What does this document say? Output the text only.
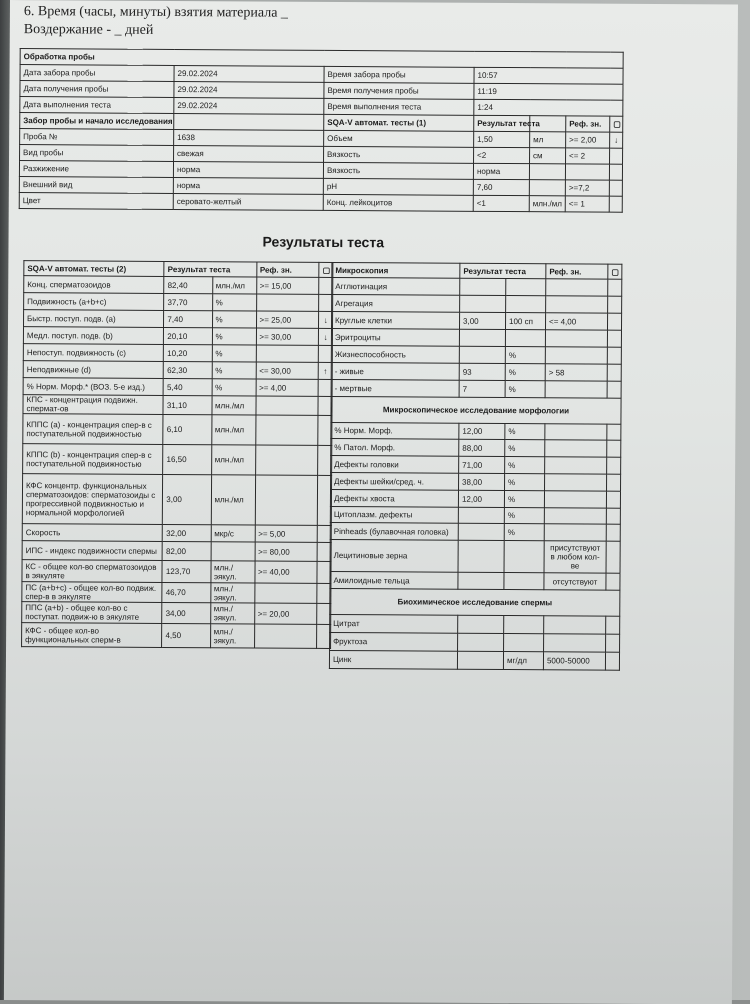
6. Время (часы, минуты) взятия материала _
Воздержание - _ дней
Обработка пробы						
Дата забора пробы	29.02.2024	Время забора пробы	10:57			
Дата получения пробы	29.02.2024	Время получения пробы	11:19			
Дата выполнения теста	29.02.2024	Время выполнения теста	1:24			
Забор пробы и начало исследования		SQA-V автомат. тесты (1)	Результат теста		Реф. зн.	▢
Проба №	1638	Объем	1,50	мл	>= 2,00	↓
Вид пробы	свежая	Вязкость	<2	см	<= 2	
Разжижение	норма	Вязкость	норма			
Внешний вид	норма	pH	7,60		>=7,2	
Цвет	серовато-желтый	Конц. лейкоцитов	<1	млн./мл	<= 1	
Результаты теста
SQA-V автомат. тесты (2)	Результат теста		Реф. зн.	▢
Конц. сперматозоидов	82,40	млн./мл	>= 15,00	
Подвижность (a+b+c)	37,70	%		
Быстр. поступ. подв. (a)	7,40	%	>= 25,00	↓
Медл. поступ. подв. (b)	20,10	%	>= 30,00	↓
Непоступ. подвижность (c)	10,20	%		
Неподвижные (d)	62,30	%	<= 30,00	↑
% Норм. Морф.* (ВОЗ. 5-е изд.)	5,40	%	>= 4,00	
КПС - концентрация подвижн. спермат-ов	31,10	млн./мл		
КППС (a) - концентрация спер-в с поступательной подвижностью	6,10	млн./мл		
КППС (b) - концентрация спер-в с поступательной подвижностью	16,50	млн./мл		
КФС концентр. функциональных сперматозоидов: сперматозоиды с прогрессивной подвижностью и нормальной морфологией	3,00	млн./мл		
Скорость	32,00	мкр/с	>= 5,00	
ИПС - индекс подвижности спермы	82,00		>= 80,00	
КС - общее кол-во сперматозоидов в эякуляте	123,70	млн./эякул.	>= 40,00	
ПС (a+b+c) - общее кол-во подвиж. спер-в в эякуляте	46,70	млн./эякул.		
ППС (a+b) - общее кол-во с поступат. подвиж-ю в эякуляте	34,00	млн./эякул.	>= 20,00	
КФС - общее кол-во функциональных сперм-в	4,50	млн./эякул.		
Микроскопия	Результат теста		Реф. зн.	▢
Агглютинация				
Агрегация				
Круглые клетки	3,00	100 сп	<= 4,00	
Эритроциты				
Жизнеспособность		%		
- живые	93	%	> 58	
- мертвые	7	%		
Микроскопическое исследование морфологии				
% Норм. Морф.	12,00	%		
% Патол. Морф.	88,00	%		
Дефекты головки	71,00	%		
Дефекты шейки/сред. ч.	38,00	%		
Дефекты хвоста	12,00	%		
Цитоплазм. дефекты		%		
Pinheads (булавочная головка)		%		
Лецитиновые зерна			присутствуют в любом кол-ве	
Амилоидные тельца			отсутствуют	
Биохимическое исследование спермы				
Цитрат				
Фруктоза				
Цинк		мг/дл	5000-50000	
